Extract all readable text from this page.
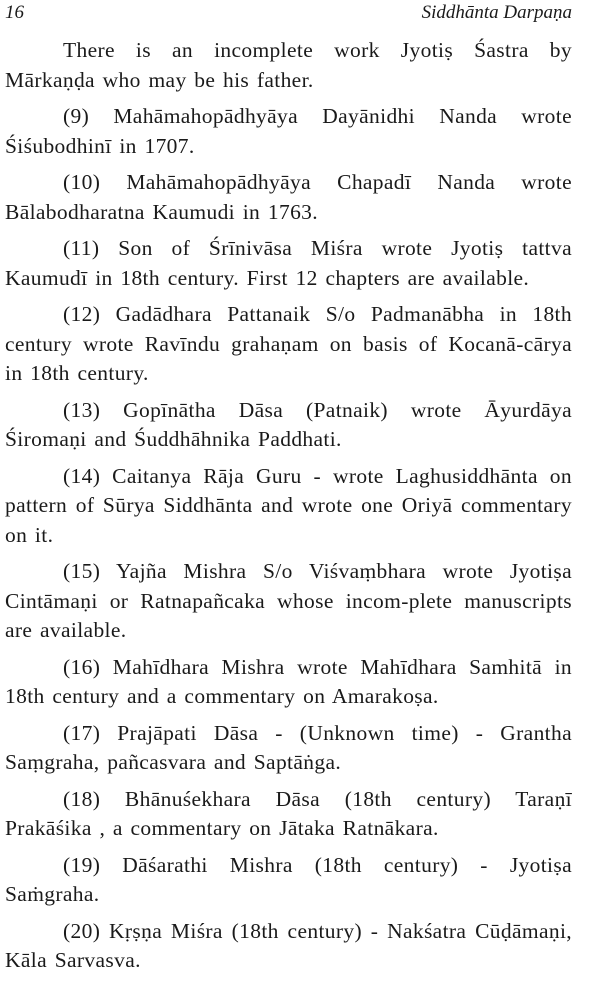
16	Siddhānta Darpaṇa

There is an incomplete work Jyotiṣ Śastra by Mārkaṇḍa who may be his father.

(9) Mahāmahopādhyāya Dayānidhi Nanda wrote Śiśubodhinī in 1707.

(10) Mahāmahopādhyāya Chapadī Nanda wrote Bālabodharatna Kaumudi in 1763.

(11) Son of Śrīnivāsa Miśra wrote Jyotiṣ tattva Kaumudī in 18th century. First 12 chapters are available.

(12) Gadādhara Pattanaik S/o Padmanābha in 18th century wrote Ravīndu grahaṇam on basis of Kocanā-cārya in 18th century.

(13) Gopīnātha Dāsa (Patnaik) wrote Āyurdāya Śiromaṇi and Śuddhāhnika Paddhati.

(14) Caitanya Rāja Guru - wrote Laghusiddhānta on pattern of Sūrya Siddhānta and wrote one Oriyā commentary on it.

(15) Yajña Mishra S/o Viśvaṃbhara wrote Jyotiṣa Cintāmaṇi or Ratnapañcaka whose incom-plete manuscripts are available.

(16) Mahīdhara Mishra wrote Mahīdhara Samhitā in 18th century and a commentary on Amarakoṣa.

(17) Prajāpati Dāsa - (Unknown time) - Grantha Saṃgraha, pañcasvara and Saptāṅga.

(18) Bhānuśekhara Dāsa (18th century) Taraṇī Prakāśika , a commentary on Jātaka Ratnākara.

(19) Dāśarathi Mishra (18th century) - Jyotiṣa Saṁgraha.

(20) Kṛṣṇa Miśra (18th century) - Nakśatra Cūḍāmaṇi, Kāla Sarvasva.
